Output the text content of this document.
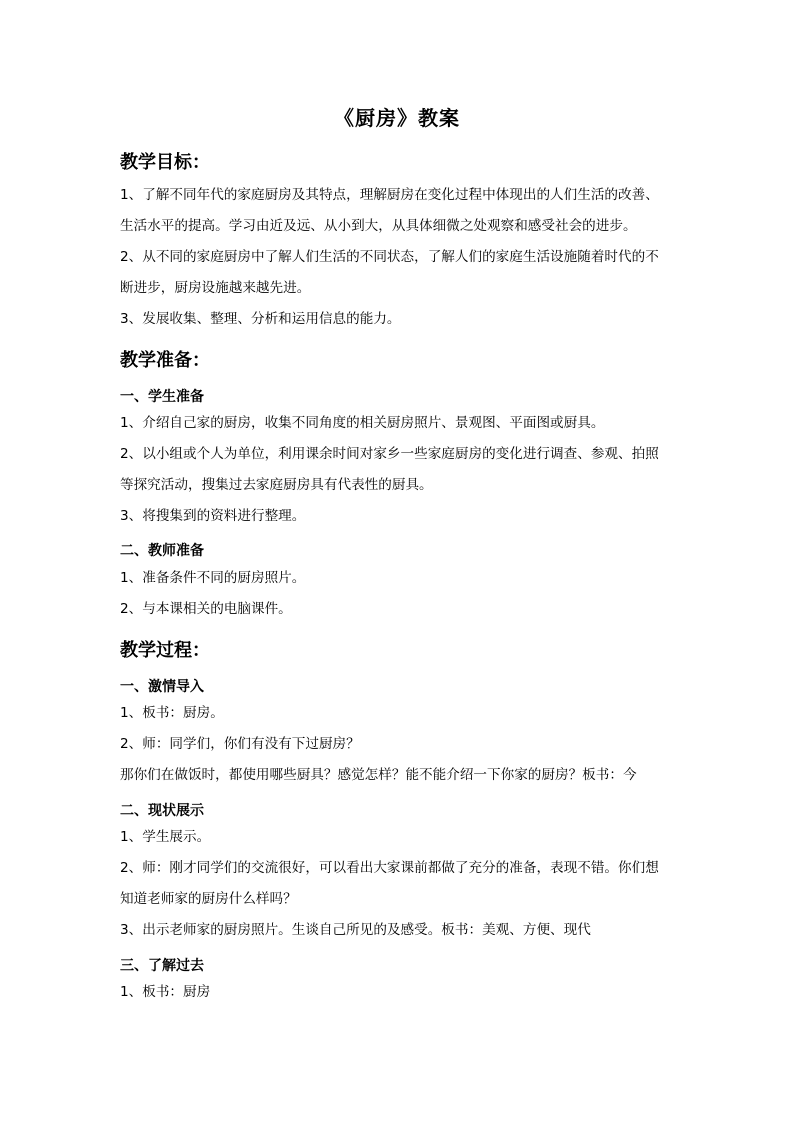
《厨房》教案
教学目标：
1、了解不同年代的家庭厨房及其特点，理解厨房在变化过程中体现出的人们生活的改善、
生活水平的提高。学习由近及远、从小到大，从具体细微之处观察和感受社会的进步。
2、从不同的家庭厨房中了解人们生活的不同状态，了解人们的家庭生活设施随着时代的不
断进步，厨房设施越来越先进。
3、发展收集、整理、分析和运用信息的能力。
教学准备：
一、学生准备
1、介绍自己家的厨房，收集不同角度的相关厨房照片、景观图、平面图或厨具。
2、以小组或个人为单位，利用课余时间对家乡一些家庭厨房的变化进行调查、参观、拍照
等探究活动，搜集过去家庭厨房具有代表性的厨具。
3、将搜集到的资料进行整理。
二、教师准备
1、准备条件不同的厨房照片。
2、与本课相关的电脑课件。
教学过程：
一、激情导入
1、板书：厨房。
2、师：同学们，你们有没有下过厨房？
那你们在做饭时，都使用哪些厨具？感觉怎样？能不能介绍一下你家的厨房？板书：今
二、现状展示
1、学生展示。
2、师：刚才同学们的交流很好，可以看出大家课前都做了充分的准备，表现不错。你们想
知道老师家的厨房什么样吗？
3、出示老师家的厨房照片。生谈自己所见的及感受。板书：美观、方便、现代
三、了解过去
1、板书：厨房
